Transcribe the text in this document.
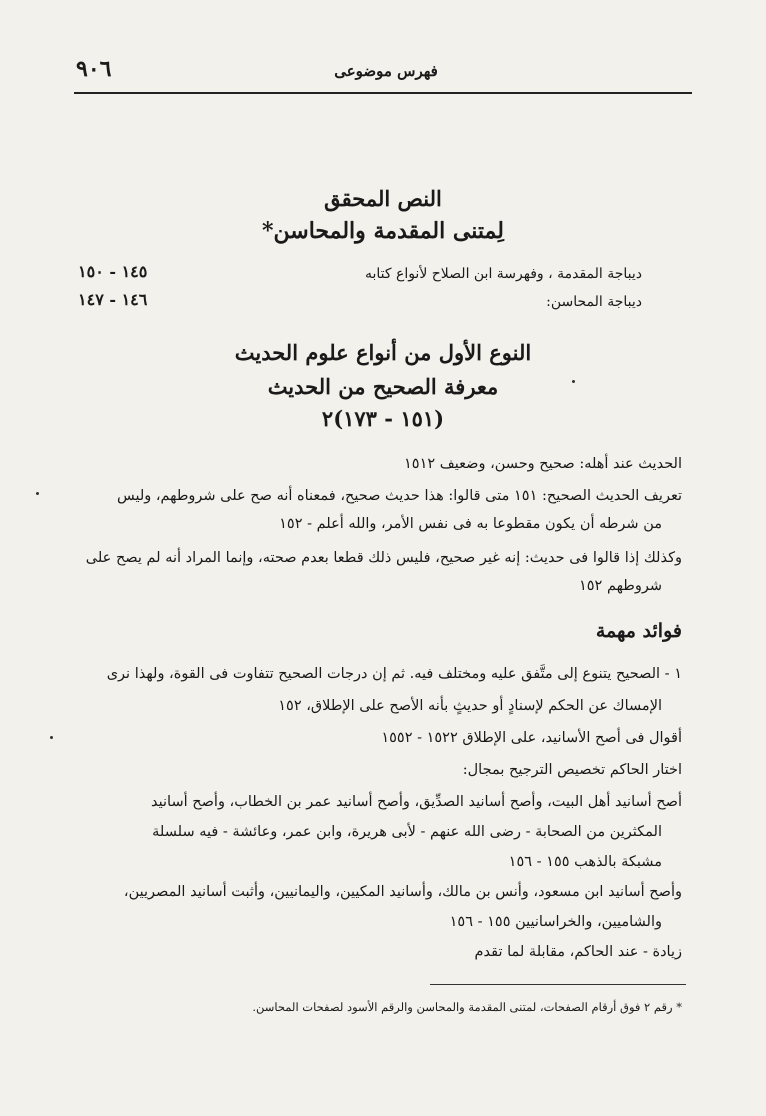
٩٠٦	فهرس موضوعى
النص المحقق
لِمتنى المقدمة والمحاسن*
١٤٥ - ١٥٠	ديباجة المقدمة ، وفهرسة ابن الصلاح لأنواع كتابه
١٤٦ - ١٤٧	ديباجة المحاسن:
النوع الأول من أنواع علوم الحديث
معرفة الصحيح من الحديث
(١٥١ - ١٧٣)٢
الحديث عند أهله: صحيح وحسن، وضعيف ١٥١٢
تعريف الحديث الصحيح: ١٥١ متى قالوا: هذا حديث صحيح، فمعناه أنه صح على شروطهم، وليس
من شرطه أن يكون مقطوعا به فى نفس الأمر، والله أعلم - ١٥٢
وكذلك إذا قالوا فى حديث: إنه غير صحيح، فليس ذلك قطعا بعدم صحته، وإنما المراد أنه لم يصح على
شروطهم ١٥٢
فوائد مهمة
١ - الصحيح يتنوع إلى متَّفق عليه ومختلف فيه. ثم إن درجات الصحيح تتفاوت فى القوة، ولهذا نرى
الإمساك عن الحكم لإسنادٍ أو حديثٍ بأنه الأصح على الإطلاق، ١٥٢
أقوال فى أصح الأسانيد، على الإطلاق ١٥٢٢ - ١٥٥٢
اختار الحاكم تخصيص الترجيح بمجال:
أصح أسانيد أهل البيت، وأصح أسانيد الصدِّيق، وأصح أسانيد عمر بن الخطاب، وأصح أسانيد
المكثرين من الصحابة - رضى الله عنهم - لأبى هريرة، وابن عمر، وعائشة - فيه سلسلة
مشبكة بالذهب ١٥٥ - ١٥٦
وأصح أسانيد ابن مسعود، وأنس بن مالك، وأسانيد المكيين، واليمانيين، وأثبت أسانيد المصريين،
والشاميين، والخراسانيين ١٥٥ - ١٥٦
زيادة - عند الحاكم، مقابلة لما تقدم
* رقم ٢ فوق أرقام الصفحات، لمتنى المقدمة والمحاسن والرقم الأسود لصفحات المحاسن.
